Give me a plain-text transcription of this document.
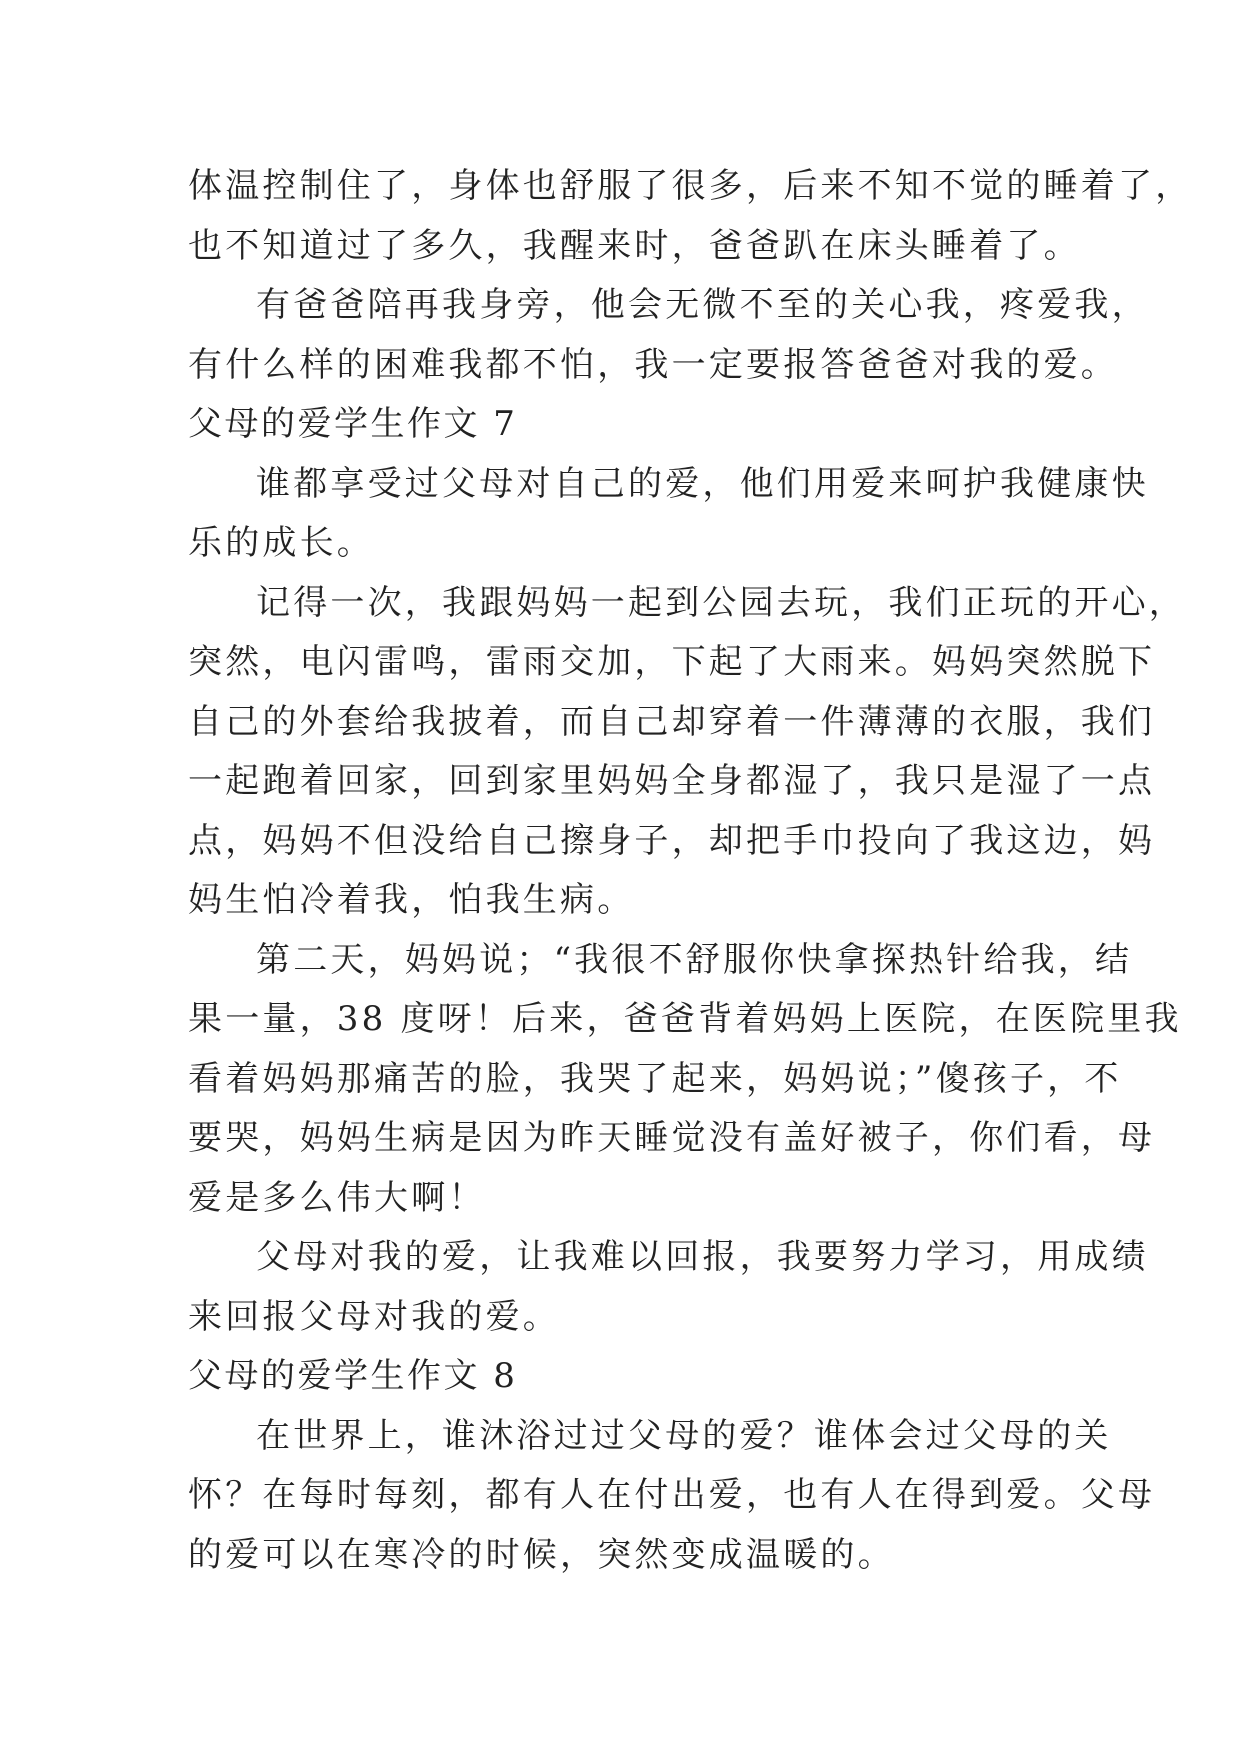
体温控制住了，身体也舒服了很多，后来不知不觉的睡着了，
也不知道过了多久，我醒来时，爸爸趴在床头睡着了。
有爸爸陪再我身旁，他会无微不至的关心我，疼爱我，
有什么样的困难我都不怕，我一定要报答爸爸对我的爱。
父母的爱学生作文 7
谁都享受过父母对自己的爱，他们用爱来呵护我健康快
乐的成长。
记得一次，我跟妈妈一起到公园去玩，我们正玩的开心，
突然，电闪雷鸣，雷雨交加，下起了大雨来。妈妈突然脱下
自己的外套给我披着，而自己却穿着一件薄薄的衣服，我们
一起跑着回家，回到家里妈妈全身都湿了，我只是湿了一点
点，妈妈不但没给自己擦身子，却把手巾投向了我这边，妈
妈生怕冷着我，怕我生病。
第二天，妈妈说；“我很不舒服你快拿探热针给我，结
果一量，38 度呀！后来，爸爸背着妈妈上医院，在医院里我
看着妈妈那痛苦的脸，我哭了起来，妈妈说；”傻孩子，不
要哭，妈妈生病是因为昨天睡觉没有盖好被子，你们看，母
爱是多么伟大啊！
父母对我的爱，让我难以回报，我要努力学习，用成绩
来回报父母对我的爱。
父母的爱学生作文 8
在世界上，谁沐浴过过父母的爱？谁体会过父母的关
怀？在每时每刻，都有人在付出爱，也有人在得到爱。父母
的爱可以在寒冷的时候，突然变成温暖的。
